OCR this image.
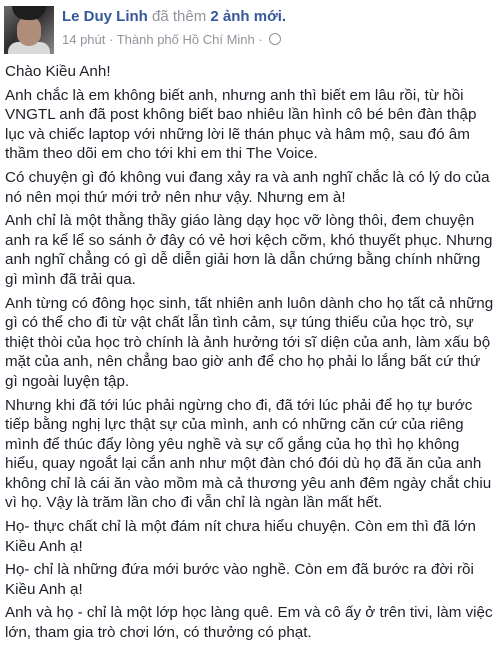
Le Duy Linh đã thêm 2 ảnh mới.
14 phút · Thành phố Hồ Chí Minh ·

Chào Kiều Anh!

Anh chắc là em không biết anh, nhưng anh thì biết em lâu rồi, từ hồi VNGTL anh đã post không biết bao nhiêu lần hình cô bé bên đàn thập lục và chiếc laptop với những lời lẽ thán phục và hâm mộ, sau đó âm thầm theo dõi em cho tới khi em thi The Voice.

Có chuyện gì đó không vui đang xảy ra và anh nghĩ chắc là có lý do của nó nên mọi thứ mới trở nên như vậy. Nhưng em à!

Anh chỉ là một thằng thầy giáo làng dạy học vỡ lòng thôi, đem chuyện anh ra kể lể so sánh ở đây có vẻ hơi kệch cỡm, khó thuyết phục. Nhưng anh nghĩ chẳng có gì dễ diễn giải hơn là dẫn chứng bằng chính những gì mình đã trải qua.

Anh từng có đông học sinh, tất nhiên anh luôn dành cho họ tất cả những gì có thể cho đi từ vật chất lẫn tình cảm, sự túng thiếu của học trò, sự thiệt thòi của học trò chính là ảnh hưởng tới sĩ diện của anh, làm xấu bộ mặt của anh, nên chẳng bao giờ anh để cho họ phải lo lắng bất cứ thứ gì ngoài luyện tập.

Nhưng khi đã tới lúc phải ngừng cho đi, đã tới lúc phải để họ tự bước tiếp bằng nghị lực thật sự của mình, anh có những căn cứ của riêng mình để thúc đẩy lòng yêu nghề và sự cố gắng của họ thì họ không hiểu, quay ngoắt lại cắn anh như một đàn chó đói dù họ đã ăn của anh không chỉ là cái ăn vào mồm mà cả thương yêu anh đêm ngày chắt chiu vì họ. Vậy là trăm lần cho đi vẫn chỉ là ngàn lần mất hết.

Họ- thực chất chỉ là một đám nít chưa hiểu chuyện. Còn em thì đã lớn Kiều Anh ạ!

Họ- chỉ là những đứa mới bước vào nghề. Còn em đã bước ra đời rồi Kiều Anh ạ!

Anh và họ - chỉ là một lớp học làng quê. Em và cô ấy ở trên tivi, làm việc lớn, tham gia trò chơi lớn, có thưởng có phạt.
